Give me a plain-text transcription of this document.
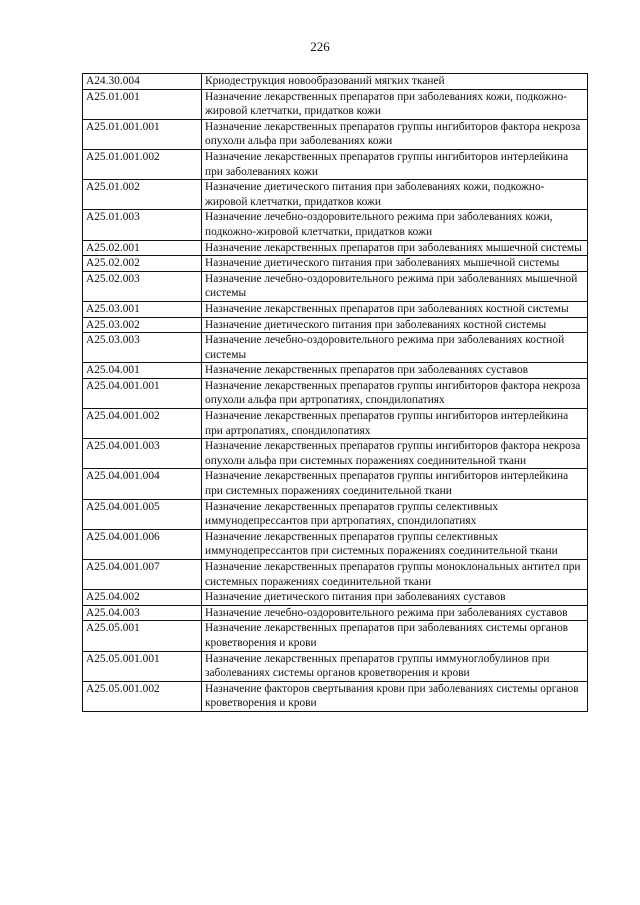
226
A24.30.004	Криодеструкция новообразований мягких тканей
A25.01.001	Назначение лекарственных препаратов при заболеваниях кожи, подкожно-жировой клетчатки, придатков кожи
A25.01.001.001	Назначение лекарственных препаратов группы ингибиторов фактора некроза опухоли альфа при заболеваниях кожи
A25.01.001.002	Назначение лекарственных препаратов группы ингибиторов интерлейкина при заболеваниях кожи
A25.01.002	Назначение диетического питания при заболеваниях кожи, подкожно-жировой клетчатки, придатков кожи
A25.01.003	Назначение лечебно-оздоровительного режима при заболеваниях кожи, подкожно-жировой клетчатки, придатков кожи
A25.02.001	Назначение лекарственных препаратов при заболеваниях мышечной системы
A25.02.002	Назначение диетического питания при заболеваниях мышечной системы
A25.02.003	Назначение лечебно-оздоровительного режима при заболеваниях мышечной системы
A25.03.001	Назначение лекарственных препаратов при заболеваниях костной системы
A25.03.002	Назначение диетического питания при заболеваниях костной системы
A25.03.003	Назначение лечебно-оздоровительного режима при заболеваниях костной системы
A25.04.001	Назначение лекарственных препаратов при заболеваниях суставов
A25.04.001.001	Назначение лекарственных препаратов группы ингибиторов фактора некроза опухоли альфа при артропатиях, спондилопатиях
A25.04.001.002	Назначение лекарственных препаратов группы ингибиторов интерлейкина при артропатиях, спондилопатиях
A25.04.001.003	Назначение лекарственных препаратов группы ингибиторов фактора некроза опухоли альфа при системных поражениях соединительной ткани
A25.04.001.004	Назначение лекарственных препаратов группы ингибиторов интерлейкина при системных поражениях соединительной ткани
A25.04.001.005	Назначение лекарственных препаратов группы селективных иммунодепрессантов при артропатиях, спондилопатиях
A25.04.001.006	Назначение лекарственных препаратов группы селективных иммунодепрессантов при системных поражениях соединительной ткани
A25.04.001.007	Назначение лекарственных препаратов группы моноклональных антител при системных поражениях соединительной ткани
A25.04.002	Назначение диетического питания при заболеваниях суставов
A25.04.003	Назначение лечебно-оздоровительного режима при заболеваниях суставов
A25.05.001	Назначение лекарственных препаратов при заболеваниях системы органов кроветворения и крови
A25.05.001.001	Назначение лекарственных препаратов группы иммуноглобулинов при заболеваниях системы органов кроветворения и крови
A25.05.001.002	Назначение факторов свертывания крови при заболеваниях системы органов кроветворения и крови
